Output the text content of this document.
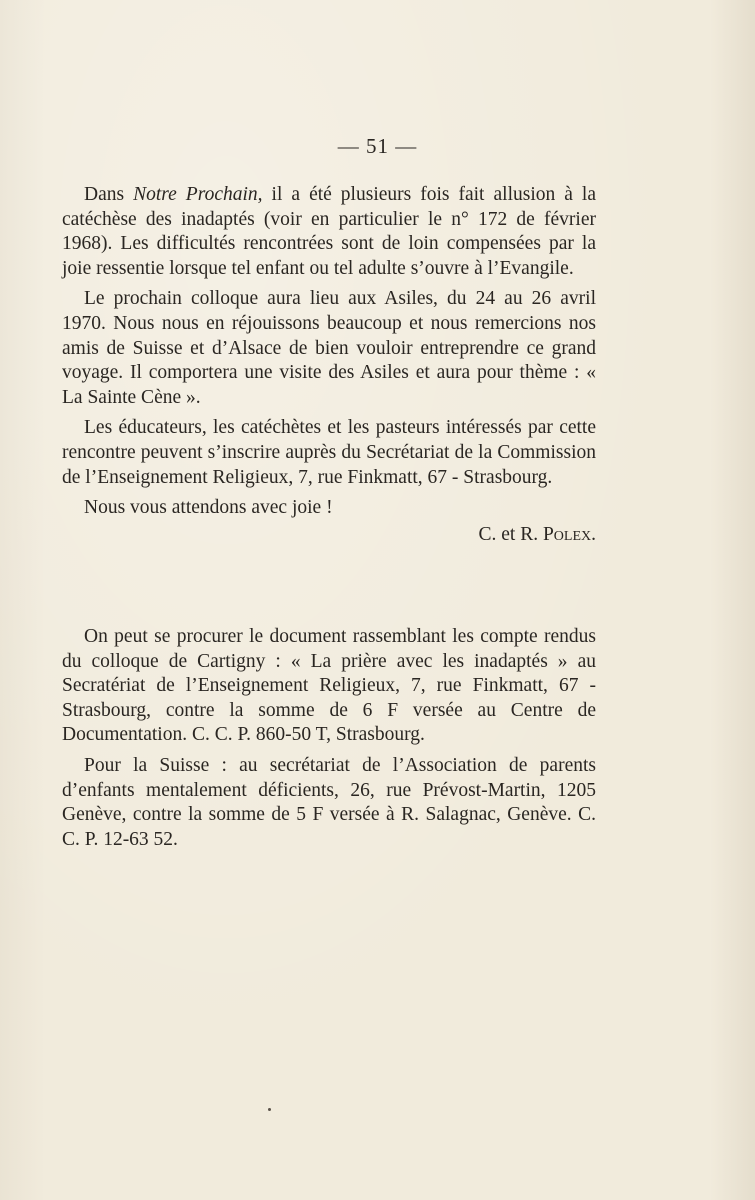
— 51 —

Dans Notre Prochain, il a été plusieurs fois fait allusion à la catéchèse des inadaptés (voir en particulier le n° 172 de février 1968). Les difficultés rencontrées sont de loin compensées par la joie ressentie lorsque tel enfant ou tel adulte s’ouvre à l’Evangile.

Le prochain colloque aura lieu aux Asiles, du 24 au 26 avril 1970. Nous nous en réjouissons beaucoup et nous remercions nos amis de Suisse et d’Alsace de bien vouloir entreprendre ce grand voyage. Il comportera une visite des Asiles et aura pour thème : « La Sainte Cène ».

Les éducateurs, les catéchètes et les pasteurs intéressés par cette rencontre peuvent s’inscrire auprès du Secrétariat de la Commission de l’Enseignement Religieux, 7, rue Finkmatt, 67 - Strasbourg.

Nous vous attendons avec joie !

C. et R. Polex.

On peut se procurer le document rassemblant les compte rendus du colloque de Cartigny : « La prière avec les inadaptés » au Secratériat de l’Enseignement Religieux, 7, rue Finkmatt, 67 - Strasbourg, contre la somme de 6 F versée au Centre de Documentation. C. C. P. 860-50 T, Strasbourg.

Pour la Suisse : au secrétariat de l’Association de parents d’enfants mentalement déficients, 26, rue Prévost-Martin, 1205 Genève, contre la somme de 5 F versée à R. Salagnac, Genève. C. C. P. 12-63 52.
